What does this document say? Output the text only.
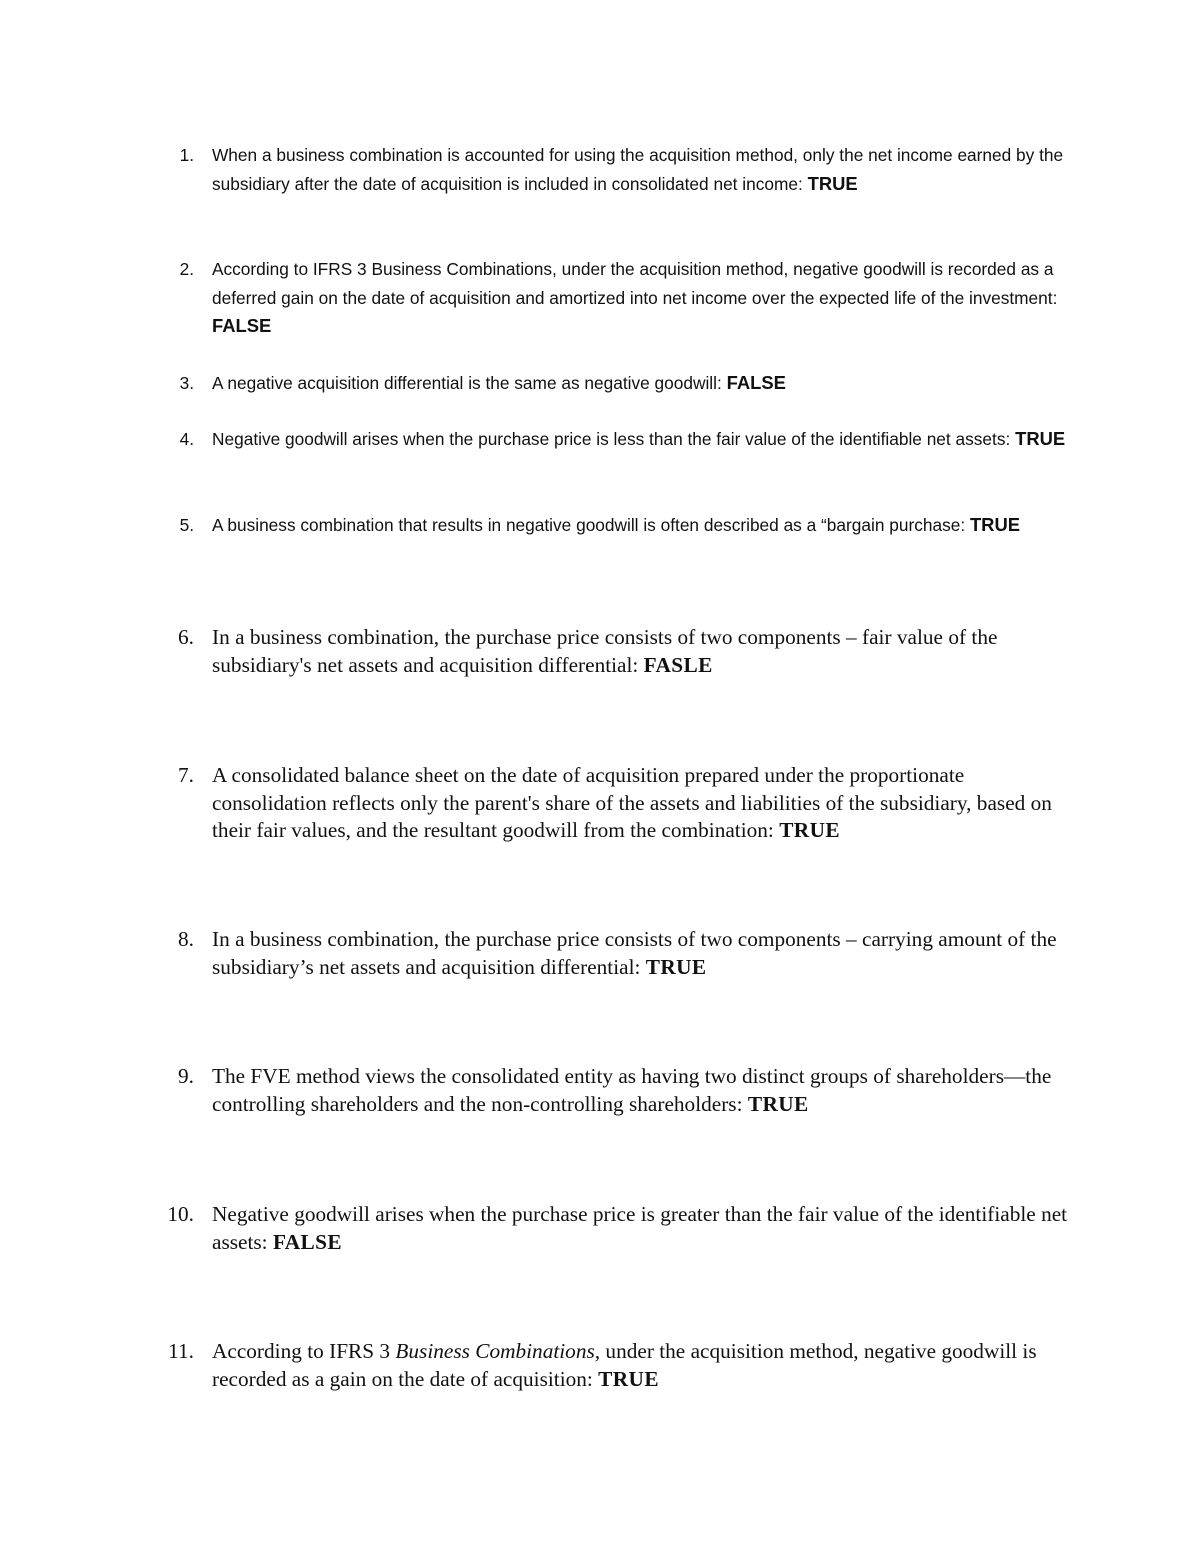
1. When a business combination is accounted for using the acquisition method, only the net income earned by the subsidiary after the date of acquisition is included in consolidated net income: TRUE
2. According to IFRS 3 Business Combinations, under the acquisition method, negative goodwill is recorded as a deferred gain on the date of acquisition and amortized into net income over the expected life of the investment: FALSE
3. A negative acquisition differential is the same as negative goodwill: FALSE
4. Negative goodwill arises when the purchase price is less than the fair value of the identifiable net assets: TRUE
5. A business combination that results in negative goodwill is often described as a “bargain purchase: TRUE
6. In a business combination, the purchase price consists of two components – fair value of the subsidiary's net assets and acquisition differential: FASLE
7. A consolidated balance sheet on the date of acquisition prepared under the proportionate consolidation reflects only the parent's share of the assets and liabilities of the subsidiary, based on their fair values, and the resultant goodwill from the combination: TRUE
8. In a business combination, the purchase price consists of two components – carrying amount of the subsidiary’s net assets and acquisition differential: TRUE
9. The FVE method views the consolidated entity as having two distinct groups of shareholders—the controlling shareholders and the non-controlling shareholders: TRUE
10. Negative goodwill arises when the purchase price is greater than the fair value of the identifiable net assets: FALSE
11. According to IFRS 3 Business Combinations, under the acquisition method, negative goodwill is recorded as a gain on the date of acquisition: TRUE
